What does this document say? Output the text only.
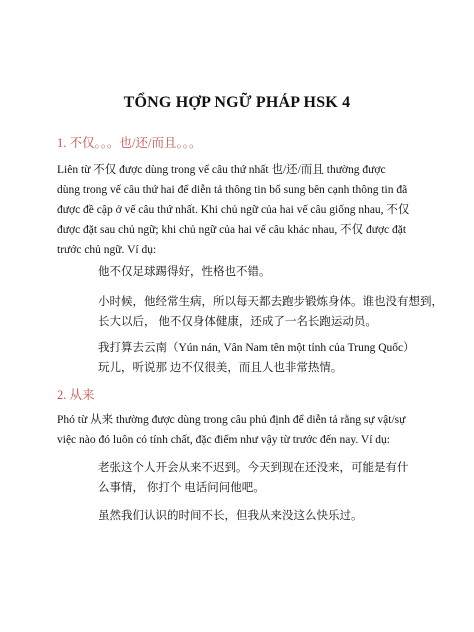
TỔNG HỢP NGỮ PHÁP HSK 4
1. 不仅。。。也/还/而且。。。
Liên từ 不仅 được dùng trong vế câu thứ nhất 也/还/而且 thường được
dùng trong vế câu thứ hai để diễn tả thông tin bổ sung bên cạnh thông tin đã
được đề cập ở vế câu thứ nhất. Khi chủ ngữ của hai vế câu giống nhau, 不仅
được đặt sau chủ ngữ; khi chủ ngữ của hai vế câu khác nhau, 不仅 được đặt
trước chủ ngữ. Ví dụ:
他不仅足球踢得好，性格也不错。
小时候，他经常生病，所以每天都去跑步锻炼身体。谁也没有想到，
长大以后， 他不仅身体健康，还成了一名长跑运动员。
我打算去云南（Yún nán, Vân Nam tên một tỉnh của Trung Quốc）
玩儿，听说那 边不仅很美，而且人也非常热情。
2. 从来
Phó từ 从来 thường được dùng trong câu phủ định để diễn tả rằng sự vật/sự
việc nào đó luôn có tính chất, đặc điểm như vậy từ trước đến nay. Ví dụ:
老张这个人开会从来不迟到。今天到现在还没来，可能是有什
么事情， 你打个 电话问问他吧。
虽然我们认识的时间不长，但我从来没这么快乐过。
